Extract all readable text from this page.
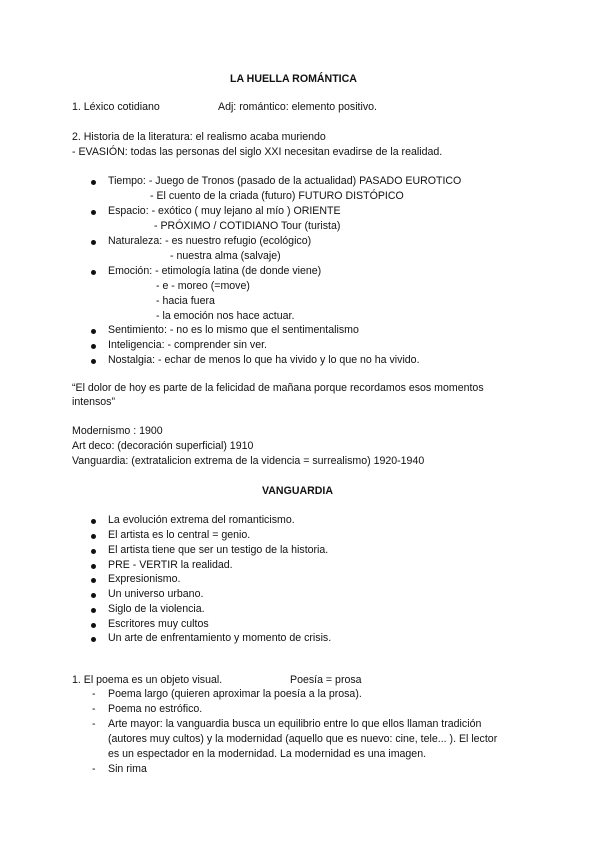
LA HUELLA ROMÁNTICA
1. Léxico cotidiano	Adj: romántico: elemento positivo.
2. Historia de la literatura: el realismo acaba muriendo
- EVASIÓN: todas las personas del siglo XXI necesitan evadirse de la realidad.
Tiempo: - Juego de Tronos (pasado de la actualidad) PASADO EUROTICO
- El cuento de la criada (futuro) FUTURO DISTÓPICO
Espacio: - exótico ( muy lejano al mío ) ORIENTE
- PRÓXIMO / COTIDIANO Tour (turista)
Naturaleza: - es nuestro refugio (ecológico)
- nuestra alma (salvaje)
Emoción: - etimología latina (de donde viene)
- e - moreo (=move)
- hacia fuera
- la emoción nos hace actuar.
Sentimiento: - no es lo mismo que el sentimentalismo
Inteligencia: - comprender sin ver.
Nostalgia: - echar de menos lo que ha vivido y lo que no ha vivido.
“El dolor de hoy es parte de la felicidad de mañana porque recordamos esos momentos
intensos”
Modernismo : 1900
Art deco: (decoración superficial) 1910
Vanguardia: (extratalicion extrema de la videncia = surrealismo) 1920-1940
VANGUARDIA
La evolución extrema del romanticismo.
El artista es lo central = genio.
El artista tiene que ser un testigo de la historia.
PRE - VERTIR la realidad.
Expresionismo.
Un universo urbano.
Siglo de la violencia.
Escritores muy cultos
Un arte de enfrentamiento y momento de crisis.
1. El poema es un objeto visual.	Poesía = prosa
- Poema largo (quieren aproximar la poesía a la prosa).
- Poema no estrófico.
- Arte mayor: la vanguardia busca un equilibrio entre lo que ellos llaman tradición
(autores muy cultos) y la modernidad (aquello que es nuevo: cine, tele... ). El lector
es un espectador en la modernidad. La modernidad es una imagen.
- Sin rima
